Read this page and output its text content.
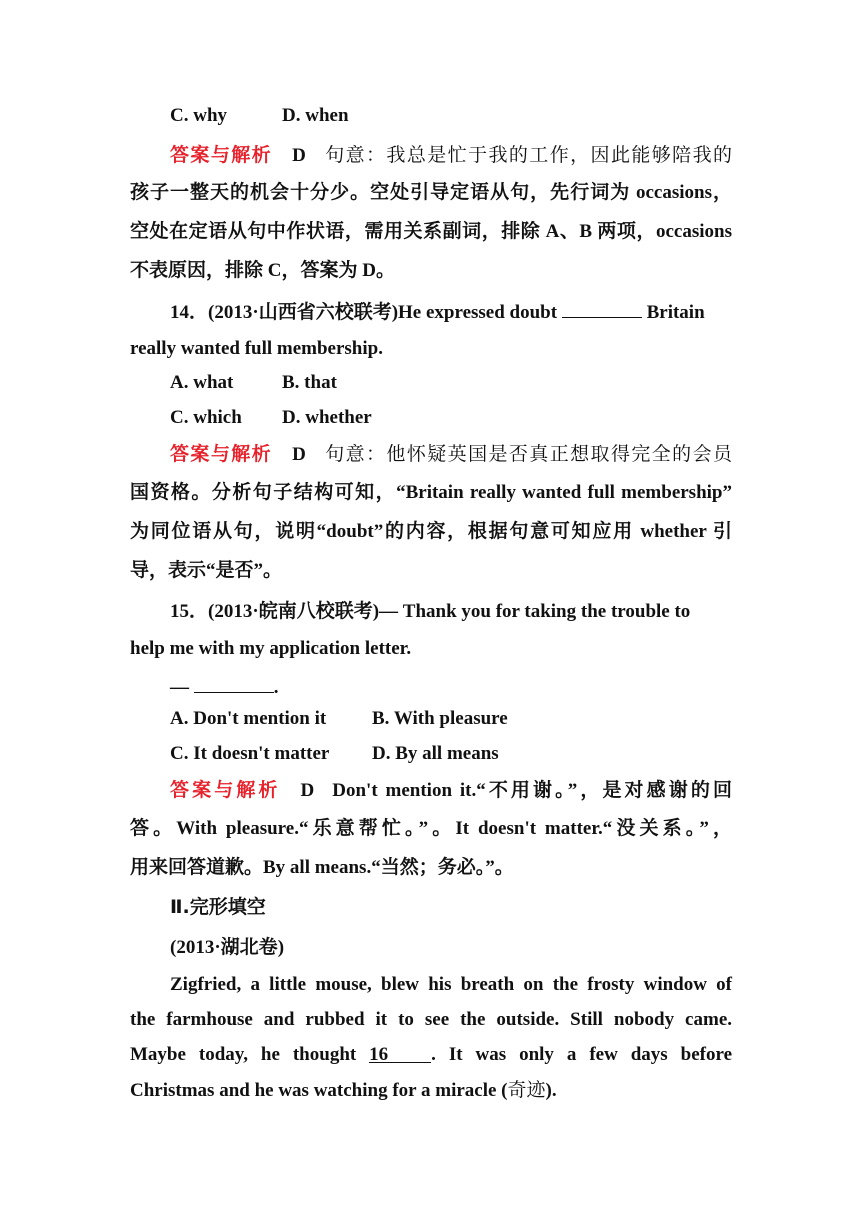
C. why	D. when
答案与解析 D 句意：我总是忙于我的工作，因此能够陪我的
孩子一整天的机会十分少。空处引导定语从句，先行词为 occasions，
空处在定语从句中作状语，需用关系副词，排除 A、B 两项，occasions
不表原因，排除 C，答案为 D。
14．(2013·山西省六校联考)He expressed doubt	Britain
really wanted full membership.
A. what	B. that
C. which D. whether
答案与解析 D 句意：他怀疑英国是否真正想取得完全的会员
国资格。分析句子结构可知，“Britain really wanted full membership”
为同位语从句，说明“doubt”的内容，根据句意可知应用 whether 引
导，表示“是否”。
15．(2013·皖南八校联考)— Thank you for taking the trouble to
help me with my application letter.
—	.
A. Don't mention it B. With pleasure
C. It doesn't matter D. By all means
答案与解析 D Don't mention it.“不用谢。”，是对感谢的回
答。With pleasure.“乐意帮忙。”。It doesn't matter.“没关系。”，
用来回答道歉。By all means.“当然；务必。”。
Ⅱ.完形填空
(2013·湖北卷)
Zigfried, a little mouse, blew his breath on the frosty window of
the farmhouse and rubbed it to see the outside. Still nobody came.
Maybe today, he thought 16 . It was only a few days before
Christmas and he was watching for a miracle (奇迹).
